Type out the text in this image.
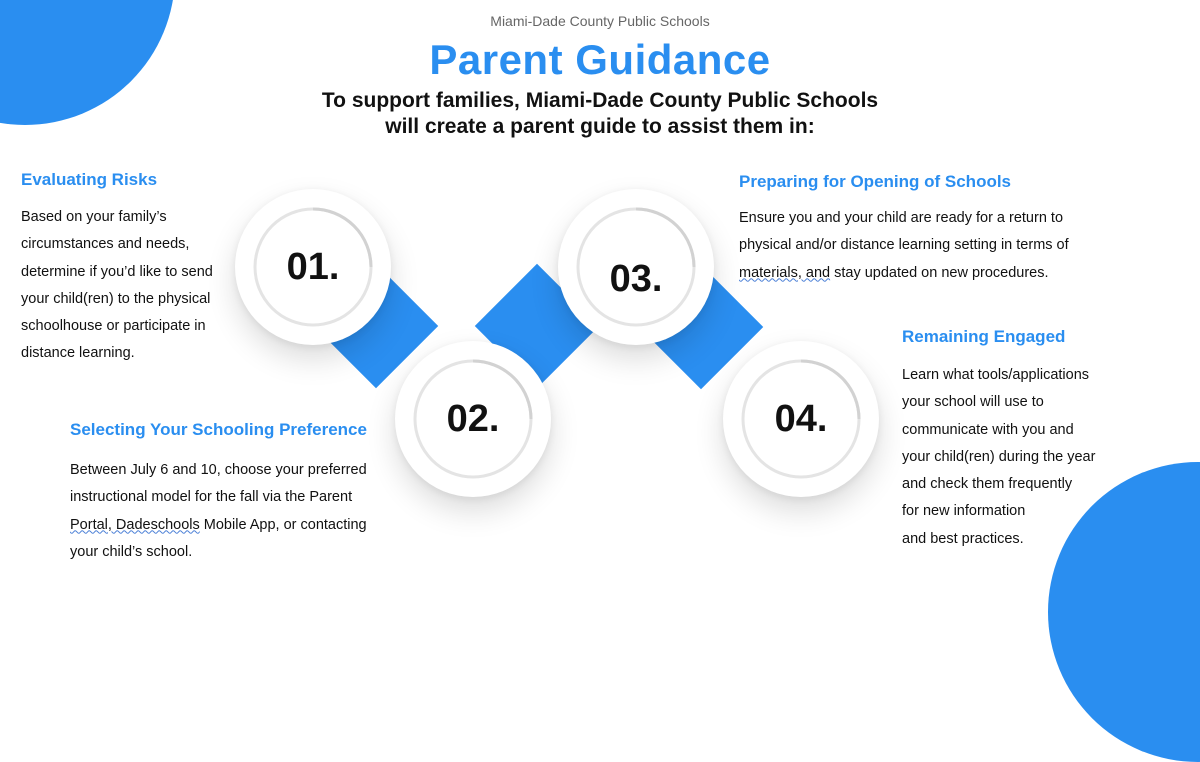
Miami-Dade County Public Schools
Parent Guidance
To support families, Miami-Dade County Public Schools
will create a parent guide to assist them in:
01.
02.
03.
04.
Evaluating Risks
Based on your family’s
circumstances and needs,
determine if you’d like to send
your child(ren) to the physical
schoolhouse or participate in
distance learning.
Selecting Your Schooling Preference
Between July 6 and 10, choose your preferred
instructional model for the fall via the Parent
Portal, Dadeschools Mobile App, or contacting
your child’s school.
Preparing for Opening of Schools
Ensure you and your child are ready for a return to
physical and/or distance learning setting in terms of
materials, and stay updated on new procedures.
Remaining Engaged
Learn what tools/applications
your school will use to
communicate with you and
your child(ren) during the year
and check them frequently
for new information
and best practices.
